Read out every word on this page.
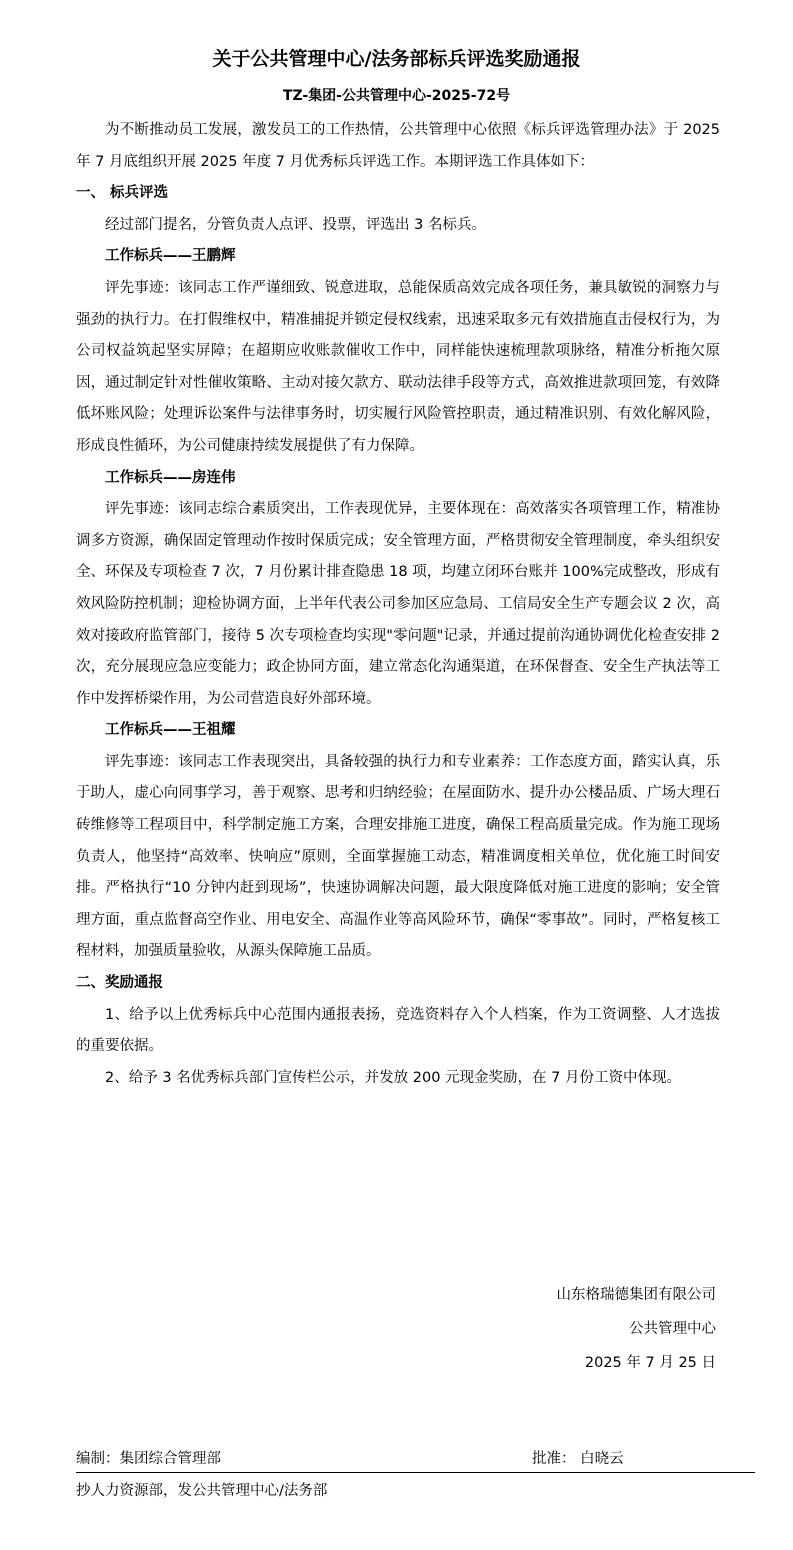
关于公共管理中心/法务部标兵评选奖励通报
TZ-集团-公共管理中心-2025-72号

为不断推动员工发展，激发员工的工作热情，公共管理中心依照《标兵评选管理办法》于 2025 年 7 月底组织开展 2025 年度 7 月优秀标兵评选工作。本期评选工作具体如下：

一、 标兵评选

经过部门提名，分管负责人点评、投票，评选出 3 名标兵。

工作标兵——王鹏辉

评先事迹：该同志工作严谨细致、锐意进取，总能保质高效完成各项任务，兼具敏锐的洞察力与强劲的执行力。在打假维权中，精准捕捉并锁定侵权线索，迅速采取多元有效措施直击侵权行为，为公司权益筑起坚实屏障；在超期应收账款催收工作中，同样能快速梳理款项脉络，精准分析拖欠原因，通过制定针对性催收策略、主动对接欠款方、联动法律手段等方式，高效推进款项回笼，有效降低坏账风险；处理诉讼案件与法律事务时，切实履行风险管控职责，通过精准识别、有效化解风险，形成良性循环，为公司健康持续发展提供了有力保障。

工作标兵——房连伟

评先事迹：该同志综合素质突出，工作表现优异，主要体现在：高效落实各项管理工作，精准协调多方资源，确保固定管理动作按时保质完成；安全管理方面，严格贯彻安全管理制度，牵头组织安全、环保及专项检查 7 次，7 月份累计排查隐患 18 项，均建立闭环台账并 100%完成整改，形成有效风险防控机制；迎检协调方面，上半年代表公司参加区应急局、工信局安全生产专题会议 2 次，高效对接政府监管部门，接待 5 次专项检查均实现"零问题"记录，并通过提前沟通协调优化检查安排 2 次，充分展现应急应变能力；政企协同方面，建立常态化沟通渠道，在环保督查、安全生产执法等工作中发挥桥梁作用，为公司营造良好外部环境。

工作标兵——王祖耀

评先事迹：该同志工作表现突出，具备较强的执行力和专业素养：工作态度方面，踏实认真，乐于助人，虚心向同事学习，善于观察、思考和归纳经验；在屋面防水、提升办公楼品质、广场大理石砖维修等工程项目中，科学制定施工方案，合理安排施工进度，确保工程高质量完成。作为施工现场负责人，他坚持“高效率、快响应”原则，全面掌握施工动态，精准调度相关单位，优化施工时间安排。严格执行“10 分钟内赶到现场”，快速协调解决问题，最大限度降低对施工进度的影响；安全管理方面，重点监督高空作业、用电安全、高温作业等高风险环节，确保“零事故”。同时，严格复核工程材料，加强质量验收，从源头保障施工品质。

二、奖励通报

1、给予以上优秀标兵中心范围内通报表扬，竞选资料存入个人档案，作为工资调整、人才选拔的重要依据。

2、给予 3 名优秀标兵部门宣传栏公示，并发放 200 元现金奖励，在 7 月份工资中体现。

山东格瑞德集团有限公司
公共管理中心
2025 年 7 月 25 日
编制：集团综合管理部	批准： 白晓云
抄人力资源部，发公共管理中心/法务部
